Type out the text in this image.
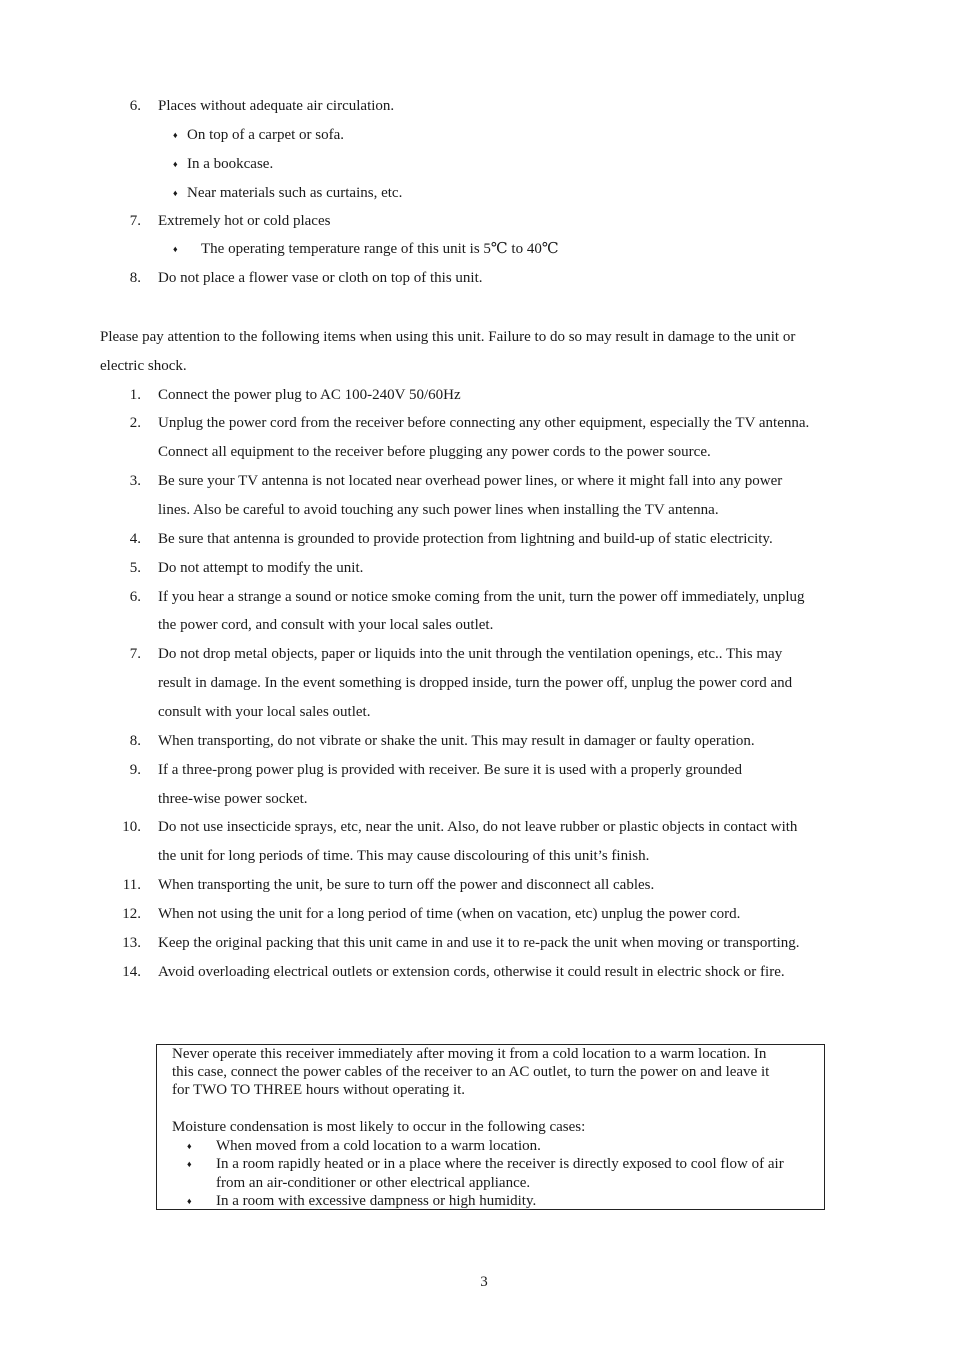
6. Places without adequate air circulation.
♦ On top of a carpet or sofa.
♦ In a bookcase.
♦ Near materials such as curtains, etc.
7. Extremely hot or cold places
♦ The operating temperature range of this unit is 5℃ to 40℃
8. Do not place a flower vase or cloth on top of this unit.
Please pay attention to the following items when using this unit. Failure to do so may result in damage to the unit or
electric shock.
1. Connect the power plug to AC 100-240V 50/60Hz
2. Unplug the power cord from the receiver before connecting any other equipment, especially the TV antenna.
Connect all equipment to the receiver before plugging any power cords to the power source.
3. Be sure your TV antenna is not located near overhead power lines, or where it might fall into any power
lines. Also be careful to avoid touching any such power lines when installing the TV antenna.
4. Be sure that antenna is grounded to provide protection from lightning and build-up of static electricity.
5. Do not attempt to modify the unit.
6. If you hear a strange a sound or notice smoke coming from the unit, turn the power off immediately, unplug
the power cord, and consult with your local sales outlet.
7. Do not drop metal objects, paper or liquids into the unit through the ventilation openings, etc.. This may
result in damage. In the event something is dropped inside, turn the power off, unplug the power cord and
consult with your local sales outlet.
8. When transporting, do not vibrate or shake the unit. This may result in damager or faulty operation.
9. If a three-prong power plug is provided with receiver. Be sure it is used with a properly grounded
three-wise power socket.
10. Do not use insecticide sprays, etc, near the unit. Also, do not leave rubber or plastic objects in contact with
the unit for long periods of time. This may cause discolouring of this unit’s finish.
11. When transporting the unit, be sure to turn off the power and disconnect all cables.
12. When not using the unit for a long period of time (when on vacation, etc) unplug the power cord.
13. Keep the original packing that this unit came in and use it to re-pack the unit when moving or transporting.
14. Avoid overloading electrical outlets or extension cords, otherwise it could result in electric shock or fire.
Never operate this receiver immediately after moving it from a cold location to a warm location. In
this case, connect the power cables of the receiver to an AC outlet, to turn the power on and leave it
for TWO TO THREE hours without operating it.
Moisture condensation is most likely to occur in the following cases:
♦ When moved from a cold location to a warm location.
♦ In a room rapidly heated or in a place where the receiver is directly exposed to cool flow of air
from an air-conditioner or other electrical appliance.
♦ In a room with excessive dampness or high humidity.
3
